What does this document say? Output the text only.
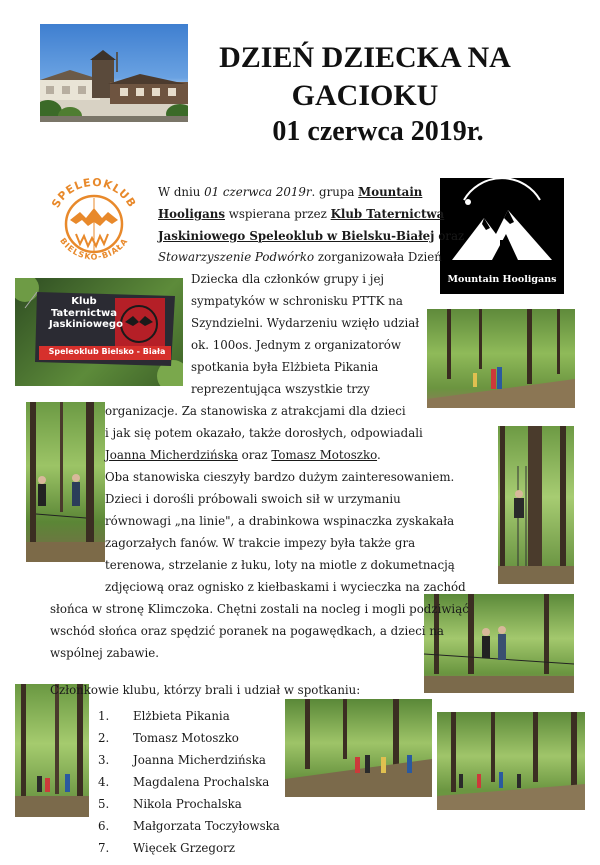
DZIEŃ DZIECKA NA
GACIOKU
01 czerwca 2019r.
SPELEOKLUB
BIELSKO-BIAŁA
Mountain Hooligans
Klub
Taternictwa
Jaskiniowego
Speleoklub Bielsko - Biała
W dniu 01 czerwca 2019r. grupa Mountain
Hooligans wspierana przez Klub Taternictwa
Jaskiniowego Speleoklub w Bielsku-Białej oraz
Stowarzyszenie Podwórko zorganizowała Dzień
Dziecka dla członków grupy i jej
sympatyków w schronisku PTTK na
Szyndzielni. Wydarzeniu wzięło udział
ok. 100os. Jednym z organizatorów
spotkania była Elżbieta Pikania
reprezentująca wszystkie trzy
organizacje. Za stanowiska z atrakcjami dla dzieci
i jak się potem okazało, także dorosłych, odpowiadali
Joanna Micherdzińska oraz Tomasz Motoszko.
Oba stanowiska cieszyły bardzo dużym zainteresowaniem.
Dzieci i dorośli próbowali swoich sił w urzymaniu
równowagi „na linie", a drabinkowa wspinaczka zyskakała
zagorzałych fanów. W trakcie impezy była także gra
terenowa, strzelanie z łuku, loty na miotle z dokumetnacją
zdjęciową oraz ognisko z kiełbaskami i wycieczka na zachód
słońca w stronę Klimczoka. Chętni zostali na nocleg i mogli podziwiąć
wschód słońca oraz spędzić poranek na pogawędkach, a dzieci na
wspólnej zabawie.
Członkowie klubu, którzy brali i udział w spotkaniu:
1. Elżbieta Pikania
2. Tomasz Motoszko
3. Joanna Micherdzińska
4. Magdalena Prochalska
5. Nikola Prochalska
6. Małgorzata Toczyłowska
7. Więcek Grzegorz
